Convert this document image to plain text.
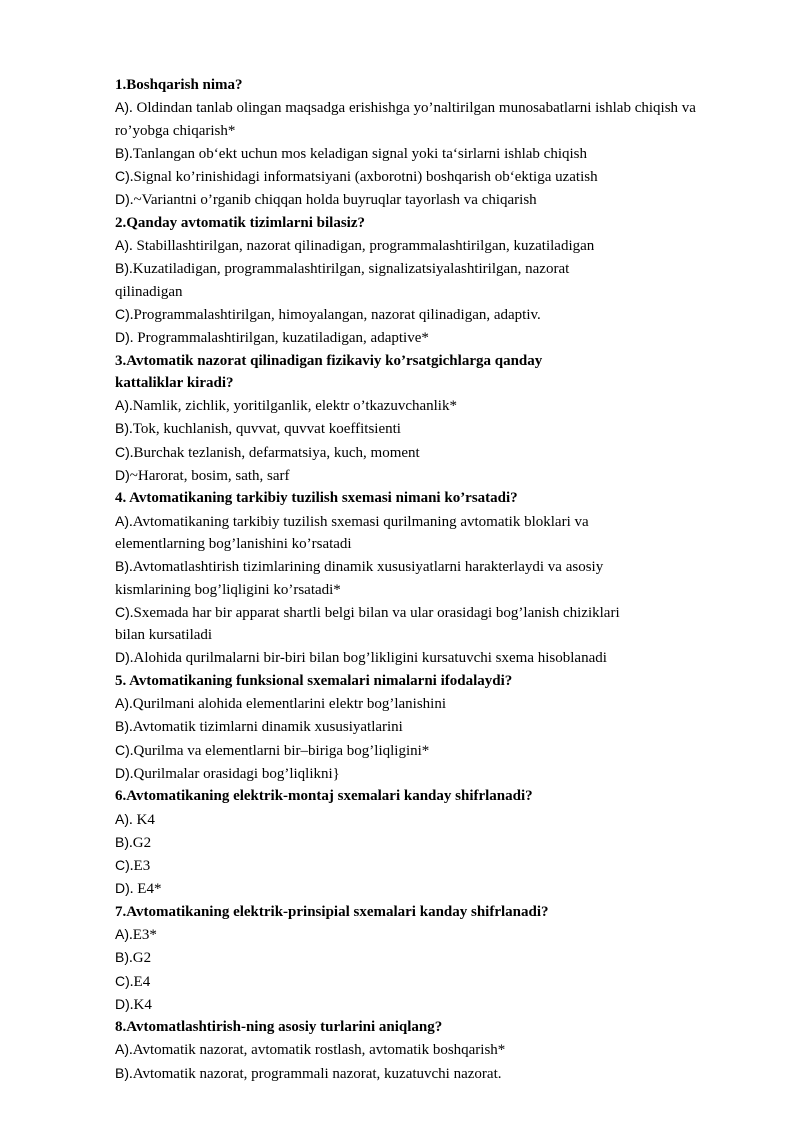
1.Boshqarish nima?

A). Oldindan tanlab olingan maqsadga erishishga yo’naltirilgan munosabatlarni ishlab chiqish va

ro’yobga chiqarish*

B).Tanlangan ob‘ekt uchun mos keladigan signal yoki ta‘sirlarni ishlab chiqish

C).Signal ko’rinishidagi informatsiyani (axborotni) boshqarish ob‘ektiga uzatish

D).~Variantni o’rganib chiqqan holda buyruqlar tayorlash va chiqarish

2.Qanday avtomatik tizimlarni bilasiz?

A). Stabillashtirilgan, nazorat qilinadigan, programmalashtirilgan, kuzatiladigan

B).Kuzatiladigan, programmalashtirilgan, signalizatsiyalashtirilgan, nazorat

qilinadigan

C).Programmalashtirilgan, himoyalangan, nazorat qilinadigan, adaptiv.

D). Programmalashtirilgan, kuzatiladigan, adaptive*

3.Avtomatik nazorat qilinadigan fizikaviy ko’rsatgichlarga qanday

kattaliklar kiradi?

A).Namlik, zichlik, yoritilganlik, elektr o’tkazuvchanlik*

B).Tok, kuchlanish, quvvat, quvvat koeffitsienti

C).Burchak tezlanish, defarmatsiya, kuch, moment

D)~Harorat, bosim, sath, sarf

4. Avtomatikaning tarkibiy tuzilish sxemasi nimani ko’rsatadi?

A).Avtomatikaning tarkibiy tuzilish sxemasi qurilmaning avtomatik bloklari va

elementlarning bog’lanishini ko’rsatadi

B).Avtomatlashtirish tizimlarining dinamik xususiyatlarni harakterlaydi va asosiy

kismlarining bog’liqligini ko’rsatadi*

C).Sxemada har bir apparat shartli belgi bilan va ular orasidagi bog’lanish chiziklari

bilan kursatiladi

D).Alohida qurilmalarni bir-biri bilan bog’likligini kursatuvchi sxema hisoblanadi

5. Avtomatikaning funksional sxemalari nimalarni ifodalaydi?

A).Qurilmani alohida elementlarini elektr bog’lanishini

B).Avtomatik tizimlarni dinamik xususiyatlarini

C).Qurilma va elementlarni bir–biriga bog’liqligini*

D).Qurilmalar orasidagi bog’liqlikni}

6.Avtomatikaning elektrik-montaj sxemalari kanday shifrlanadi?

A). K4

B).G2

C).E3

D). E4*

7.Avtomatikaning elektrik-prinsipial sxemalari kanday shifrlanadi?

A).E3*

B).G2

C).E4

D).K4

8.Avtomatlashtirish-ning asosiy turlarini aniqlang?

A).Avtomatik nazorat, avtomatik rostlash, avtomatik boshqarish*

B).Avtomatik nazorat, programmali nazorat, kuzatuvchi nazorat.
